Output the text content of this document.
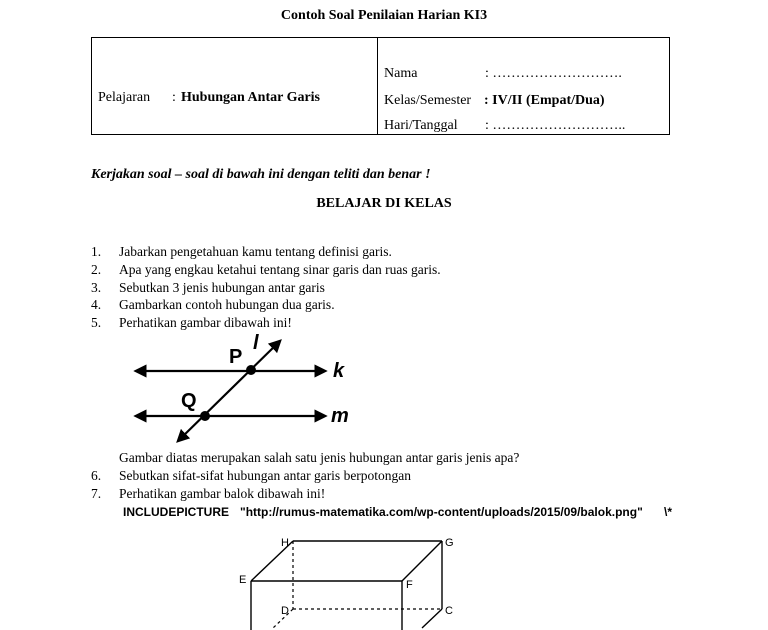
Contoh Soal Penilaian Harian KI3
Pelajaran : Hubungan Antar Garis
Nama	: ……………………….
Kelas/Semester : IV/II (Empat/Dua)
Hari/Tanggal : ………………………..
Kerjakan soal – soal di bawah ini dengan teliti dan benar !
BELAJAR DI KELAS
1. Jabarkan pengetahuan kamu tentang definisi garis.
2. Apa yang engkau ketahui tentang sinar garis dan ruas garis.
3. Sebutkan 3 jenis hubungan antar garis
4. Gambarkan contoh hubungan dua garis.
5. Perhatikan gambar dibawah ini!
P
Q
l
k
m
Gambar diatas merupakan salah satu jenis hubungan antar garis jenis apa?
6. Sebutkan sifat-sifat hubungan antar garis berpotongan
7. Perhatikan gambar balok dibawah ini!
INCLUDEPICTURE "http://rumus-matematika.com/wp-content/uploads/2015/09/balok.png" \*
H	G
E	F
D	C
